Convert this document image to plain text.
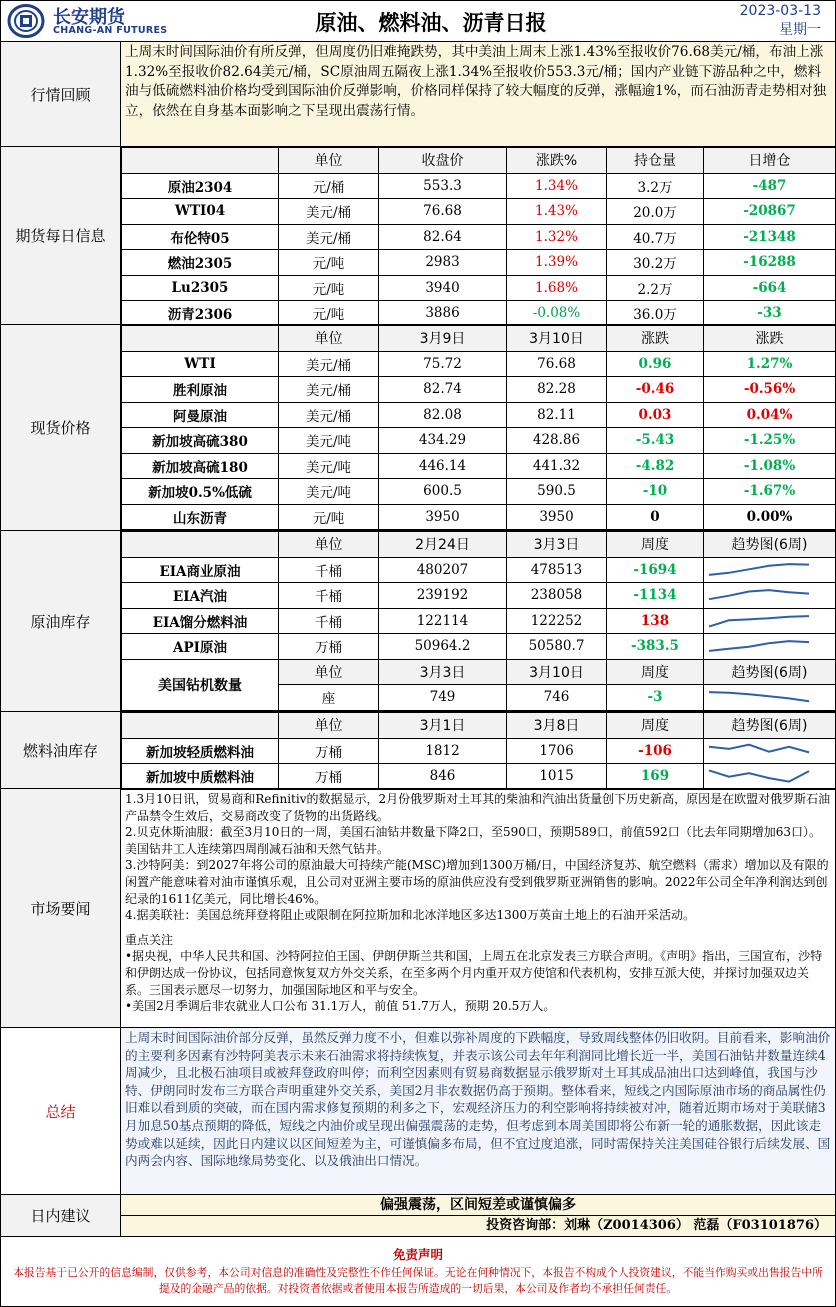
长安期货
CHANG-AN FUTURES	原油、燃料油、沥青日报	2023-03-13
星期一
行情回顾
上周末时间国际油价有所反弹，但周度仍旧难掩跌势，其中美油上周末上涨1.43%至报收价76.68美元/桶，布油上涨1.32%至报收价82.64美元/桶，SC原油周五隔夜上涨1.34%至报收价553.3元/桶；国内产业链下游品种之中，燃料油与低硫燃料油价格均受到国际油价反弹影响，价格同样保持了较大幅度的反弹，涨幅逾1%，而石油沥青走势相对独立，依然在自身基本面影响之下呈现出震荡行情。
期货每日信息
	单位	收盘价	涨跌%	持仓量	日增仓
原油2304	元/桶	553.3	1.34%	3.2万	-487
WTI04	美元/桶	76.68	1.43%	20.0万	-20867
布伦特05	美元/桶	82.64	1.32%	40.7万	-21348
燃油2305	元/吨	2983	1.39%	30.2万	-16288
Lu2305	元/吨	3940	1.68%	2.2万	-664
沥青2306	元/吨	3886	-0.08%	36.0万	-33
现货价格
	单位	3月9日	3月10日	涨跌	涨跌
WTI	美元/桶	75.72	76.68	0.96	1.27%
胜利原油	美元/桶	82.74	82.28	-0.46	-0.56%
阿曼原油	美元/桶	82.08	82.11	0.03	0.04%
新加坡高硫380	美元/吨	434.29	428.86	-5.43	-1.25%
新加坡高硫180	美元/吨	446.14	441.32	-4.82	-1.08%
新加坡0.5%低硫	美元/吨	600.5	590.5	-10	-1.67%
山东沥青	元/吨	3950	3950	0	0.00%
原油库存
	单位	2月24日	3月3日	周度	趋势图(6周)
EIA商业原油	千桶	480207	478513	-1694	

EIA汽油	千桶	239192	238058	-1134	

EIA馏分燃料油	千桶	122114	122252	138	

API原油	万桶	50964.2	50580.7	-383.5	

美国钻机数量	单位	3月3日	3月10日	周度	趋势图(6周)
	座	749	746	-3	
燃料油库存
	单位	3月1日	3月8日	周度	趋势图(6周)
新加坡轻质燃料油	万桶	1812	1706	-106	

新加坡中质燃料油	万桶	846	1015	169	
市场要闻

1.3月10日讯，贸易商和Refinitiv的数据显示，2月份俄罗斯对土耳其的柴油和汽油出货量创下历史新高，原因是在欧盟对俄罗斯石油产品禁令生效后，交易商改变了货物的出货路线。

2.贝克休斯油服：截至3月10日的一周，美国石油钻井数量下降2口，至590口，预期589口，前值592口（比去年同期增加63口）。美国钻井工人连续第四周削减石油和天然气钻井。

3.沙特阿美：到2027年将公司的原油最大可持续产能(MSC)增加到1300万桶/日，中国经济复苏、航空燃料（需求）增加以及有限的闲置产能意味着对油市谨慎乐观，且公司对亚洲主要市场的原油供应没有受到俄罗斯亚洲销售的影响。2022年公司全年净利润达到创纪录的1611亿美元，同比增长46%。

4.据美联社：美国总统拜登将阻止或限制在阿拉斯加和北冰洋地区多达1300万英亩土地上的石油开采活动。

重点关注

•据央视，中华人民共和国、沙特阿拉伯王国、伊朗伊斯兰共和国，上周五在北京发表三方联合声明。《声明》指出，三国宣布，沙特和伊朗达成一份协议，包括同意恢复双方外交关系，在至多两个月内重开双方使馆和代表机构，安排互派大使，并探讨加强双边关系。三国表示愿尽一切努力，加强国际地区和平与安全。

•美国2月季调后非农就业人口公布 31.1万人，前值 51.7万人，预期 20.5万人。

总结
上周末时间国际油价部分反弹，虽然反弹力度不小，但难以弥补周度的下跌幅度，导致周线整体仍旧收阴。目前看来，影响油价的主要利多因素有沙特阿美表示未来石油需求将持续恢复，并表示该公司去年年利润同比增长近一半，美国石油钻井数量连续4周减少，且北极石油项目或被拜登政府叫停；而利空因素则有贸易商数据显示俄罗斯对土耳其成品油出口达到峰值，我国与沙特、伊朗同时发布三方联合声明重建外交关系，美国2月非农数据仍高于预期。整体看来，短线之内国际原油市场的商品属性仍旧难以看到质的突破，而在国内需求修复预期的利多之下，宏观经济压力的利空影响将持续被对冲，随着近期市场对于美联储3月加息50基点预期的降低，短线之内油价或呈现出偏强震荡的走势，但考虑到本周美国即将公布新一轮的通胀数据，因此该走势或难以延续，因此日内建议以区间短差为主，可谨慎偏多布局，但不宜过度追涨，同时需保持关注美国硅谷银行后续发展、国内两会内容、国际地缘局势变化、以及俄油出口情况。
日内建议
偏强震荡，区间短差或谨慎偏多
投资咨询部：刘琳（Z0014306） 范磊（F03101876）
免责声明
本报告基于已公开的信息编制，仅供参考，本公司对信息的准确性及完整性不作任何保证。无论在何种情况下，本报告不构成个人投资建议，不能当作购买或出售报告中所提及的金融产品的依据。对投资者依据或者使用本报告所造成的一切后果，本公司及作者均不承担任何责任。
